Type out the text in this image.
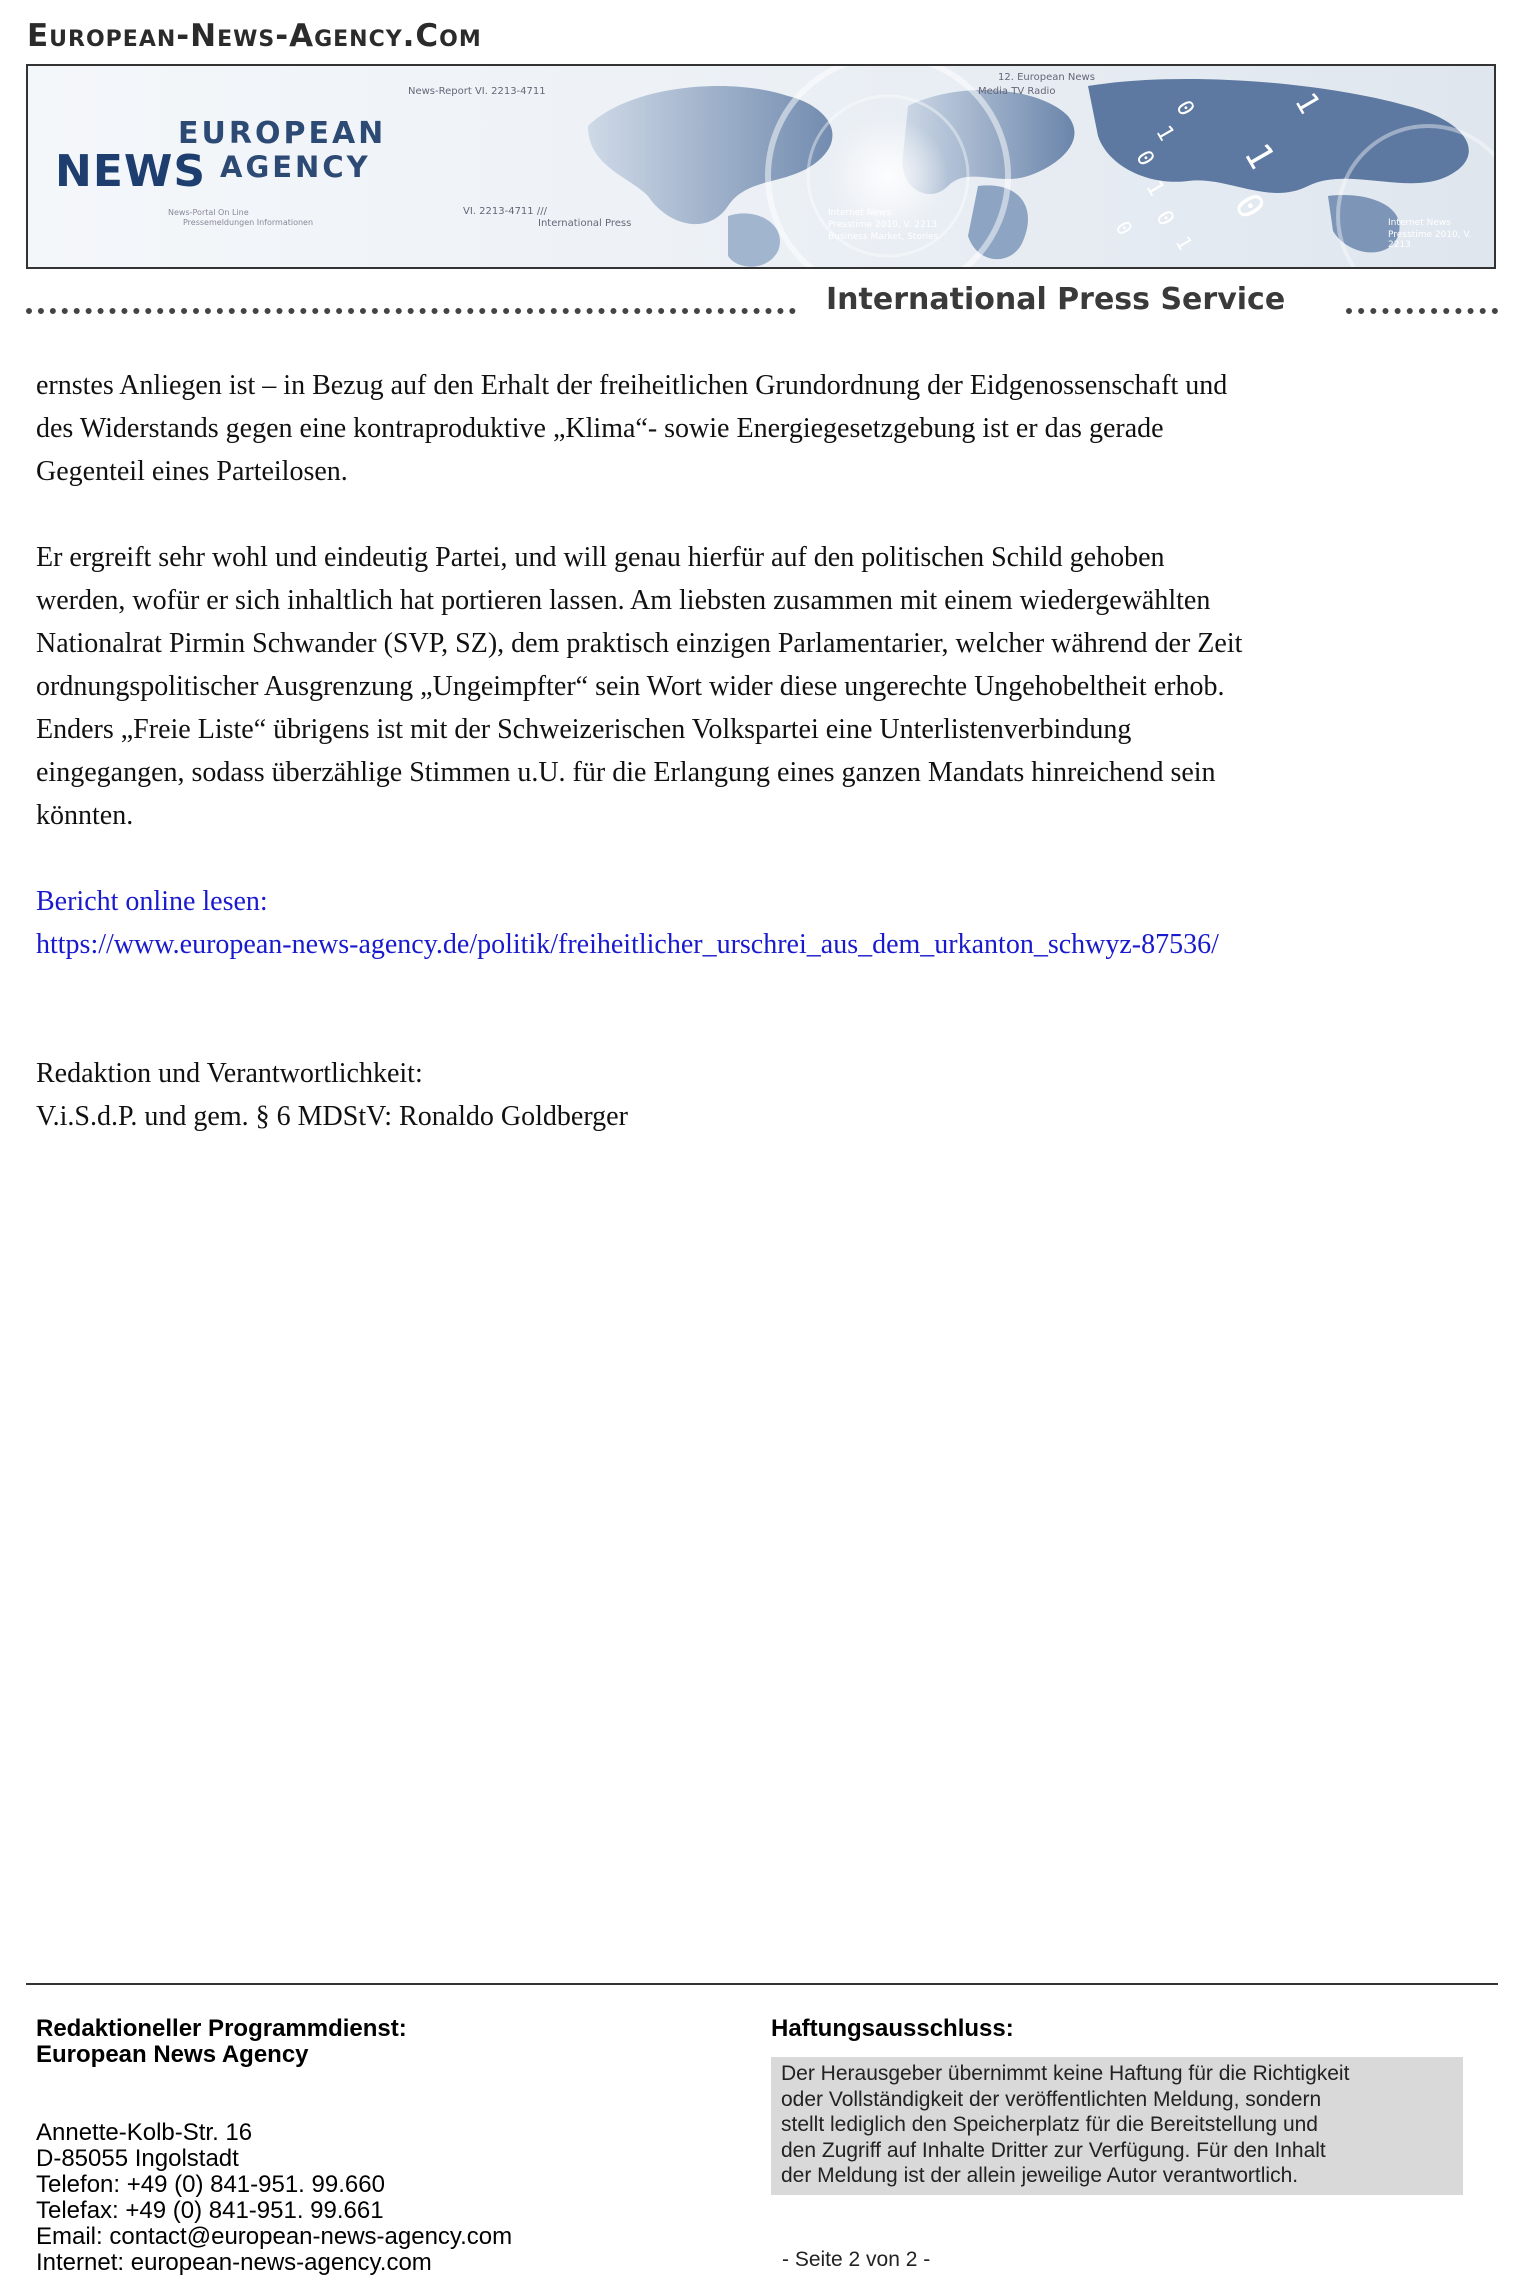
European-News-Agency.Com
News-Report VI. 2213-4711
12. European News
Media TV Radio
VI. 2213-4711 ///
International Press
Internet News
Presstime 2010, V. 2213
Business Market, Stories
Internet News
Presstime 2010, V. 2213
News-Portal On Line
Pressemeldungen Informationen
0
1
0
1
0
1
0
1
0
1
EUROPEAN
NEWS AGENCY
International Press Service

ernstes Anliegen ist – in Bezug auf den Erhalt der freiheitlichen Grundordnung der Eidgenossenschaft und
des Widerstands gegen eine kontraproduktive „Klima“- sowie Energiegesetzgebung ist er das gerade
Gegenteil eines Parteilosen.

Er ergreift sehr wohl und eindeutig Partei, und will genau hierfür auf den politischen Schild gehoben
werden, wofür er sich inhaltlich hat portieren lassen. Am liebsten zusammen mit einem wiedergewählten
Nationalrat Pirmin Schwander (SVP, SZ), dem praktisch einzigen Parlamentarier, welcher während der Zeit
ordnungspolitischer Ausgrenzung „Ungeimpfter“ sein Wort wider diese ungerechte Ungehobeltheit erhob.
Enders „Freie Liste“ übrigens ist mit der Schweizerischen Volkspartei eine Unterlistenverbindung
eingegangen, sodass überzählige Stimmen u.U. für die Erlangung eines ganzen Mandats hinreichend sein
könnten.

Bericht online lesen:
https://www.european-news-agency.de/politik/freiheitlicher_urschrei_aus_dem_urkanton_schwyz-87536/

Redaktion und Verantwortlichkeit:
V.i.S.d.P. und gem. § 6 MDStV: Ronaldo Goldberger

Redaktioneller Programmdienst:
European News Agency
Annette-Kolb-Str. 16
D-85055 Ingolstadt
Telefon: +49 (0) 841-951. 99.660
Telefax: +49 (0) 841-951. 99.661
Email: contact@european-news-agency.com
Internet: european-news-agency.com
Haftungsausschluss:
Der Herausgeber übernimmt keine Haftung für die Richtigkeit
oder Vollständigkeit der veröffentlichten Meldung, sondern
stellt lediglich den Speicherplatz für die Bereitstellung und
den Zugriff auf Inhalte Dritter zur Verfügung. Für den Inhalt
der Meldung ist der allein jeweilige Autor verantwortlich.
- Seite 2 von 2 -
